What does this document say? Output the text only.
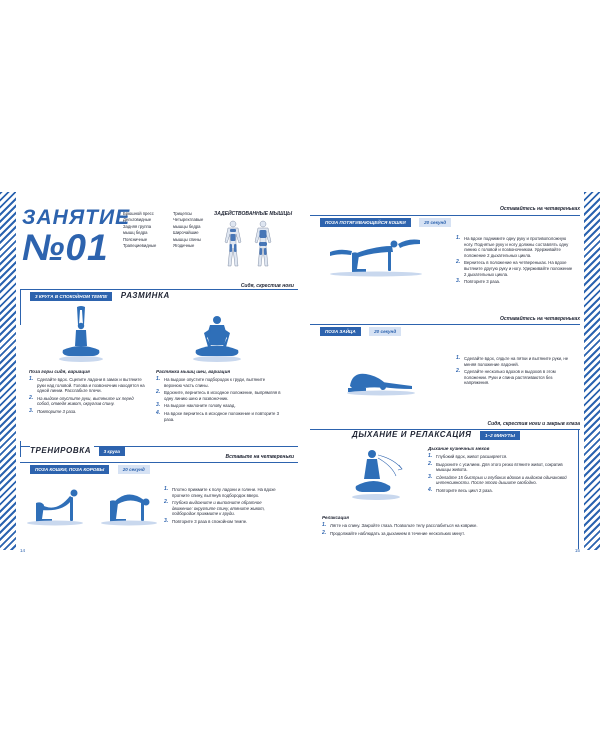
ЗАНЯТИЕ
№01
Брюшной пресс
Дельтовидные
Задняя группа
мышц бедра
Поясничные
Трапециевидные
Трицепсы
Четырехглавые
мышцы бедра
Широчайшие
мышцы спины
Ягодичные
ЗАДЕЙСТВОВАННЫЕ МЫШЦЫ
3 КРУГА В СПОКОЙНОМ ТЕМПЕ РАЗМИНКА
Сидя, скрестив ноги
Поза горы сидя, вариация
1. Сделайте вдох. Сцепите ладони в замок и вытяните руки над головой. Голова и позвоночник находятся на одной линии. Расслабьте плечи.
2. На выдохе опустите руки, вытяните их перед собой, отведя живот, округлив спину.
3. Повторите 3 раза.
Растяжка мышц шеи, вариация
1. На выдохе опустите подбородок к груди, вытяните верхнюю часть спины.
2. Вдохните, вернитесь в исходное положение, выпрямляя в одну линию шею и позвоночник.
3. На выдохе наклоните голову назад.
4. На вдохе вернитесь в исходное положение и повторите 3 раза.
ТРЕНИРОВКА	3 круга
ПОЗА КОШКИ, ПОЗА КОРОВЫ	20 секунд
Вставьте на четвереньки
1. Плотно прижмите к полу ладони и голени. На вдохе прогните спину, вытянув подбородок вверх.
2. Глубоко выдохните и выполните обратное движение: округлите спину, втяните живот, подбородок прижмите к груди.
3. Повторите 3 раза в спокойном темпе.
14
ПОЗА ПОТЯГИВАЮЩЕЙСЯ КОШКИ	20 секунд
Оставайтесь на четвереньках
1. На вдохе поднимите одну руку и противоположную ногу. Поднятые руку и ногу должны составлять одну линию с головой и позвоночником. Удерживайте положение 2 дыхательных цикла.
2. Вернитесь в положение на четвереньках. На вдохе вытяните другую руку и ногу. Удерживайте положение 2 дыхательных цикла.
3. Повторите 3 раза.
ПОЗА ЗАЙЦА	20 секунд
Оставайтесь на четвереньках
1. Сделайте вдох, сядьте на пятки и вытяните руки, не меняя положение ладоней.
2. Сделайте несколько вдохов и выдохов в этом положении. Руки и спина растягиваются без напряжения.
ДЫХАНИЕ И РЕЛАКСАЦИЯ	1–2 МИНУТЫ
Сидя, скрестив ноги и закрыв глаза
Дыхание кузнечных мехов
1. Глубокий вдох, живот расширяется.
2. Выдохните с усилием. Для этого резко втяните живот, сократив мышцы живота.
3. Сделайте 15 быстрых и глубоких вдохов и выдохов одинаковой интенсивности. После этого дышите свободно.
4. Повторите весь цикл 2 раза.
Релаксация
1. Лягте на спину. Закройте глаза. Позвольте телу расслабиться на коврике.
2. Продолжайте наблюдать за дыханием в течение нескольких минут.
15
